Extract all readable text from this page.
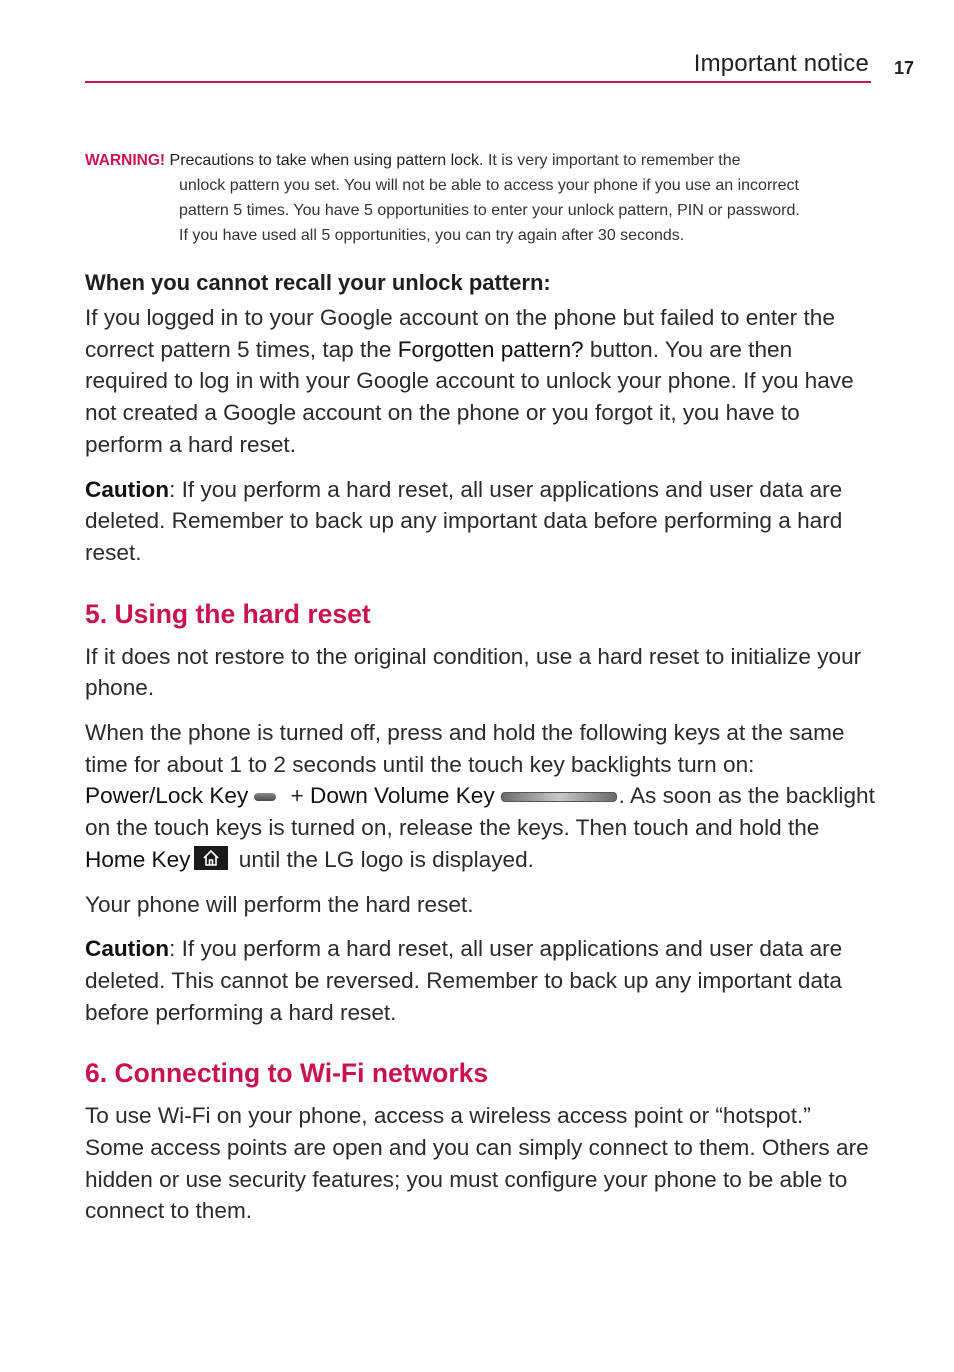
Important notice 17

WARNING! Precautions to take when using pattern lock. It is very important to remember the

unlock pattern you set. You will not be able to access your phone if you use an incorrect

pattern 5 times. You have 5 opportunities to enter your unlock pattern, PIN or password.

If you have used all 5 opportunities, you can try again after 30 seconds.

When you cannot recall your unlock pattern:

If you logged in to your Google account on the phone but failed to enter the correct pattern 5 times, tap the Forgotten pattern? button. You are then required to log in with your Google account to unlock your phone. If you have not created a Google account on the phone or you forgot it, you have to perform a hard reset.

Caution: If you perform a hard reset, all user applications and user data are deleted. Remember to back up any important data before performing a hard reset.

5. Using the hard reset

If it does not restore to the original condition, use a hard reset to initialize your phone.

When the phone is turned off, press and hold the following keys at the same time for about 1 to 2 seconds until the touch key backlights turn on: Power/Lock Key + Down Volume Key	. As soon as the backlight on the touch keys is turned on, release the keys. Then touch and hold the Home Key
until the LG logo is displayed.

Your phone will perform the hard reset.

Caution: If you perform a hard reset, all user applications and user data are deleted. This cannot be reversed. Remember to back up any important data before performing a hard reset.

6. Connecting to Wi-Fi networks

To use Wi-Fi on your phone, access a wireless access point or “hotspot.” Some access points are open and you can simply connect to them. Others are hidden or use security features; you must configure your phone to be able to connect to them.
